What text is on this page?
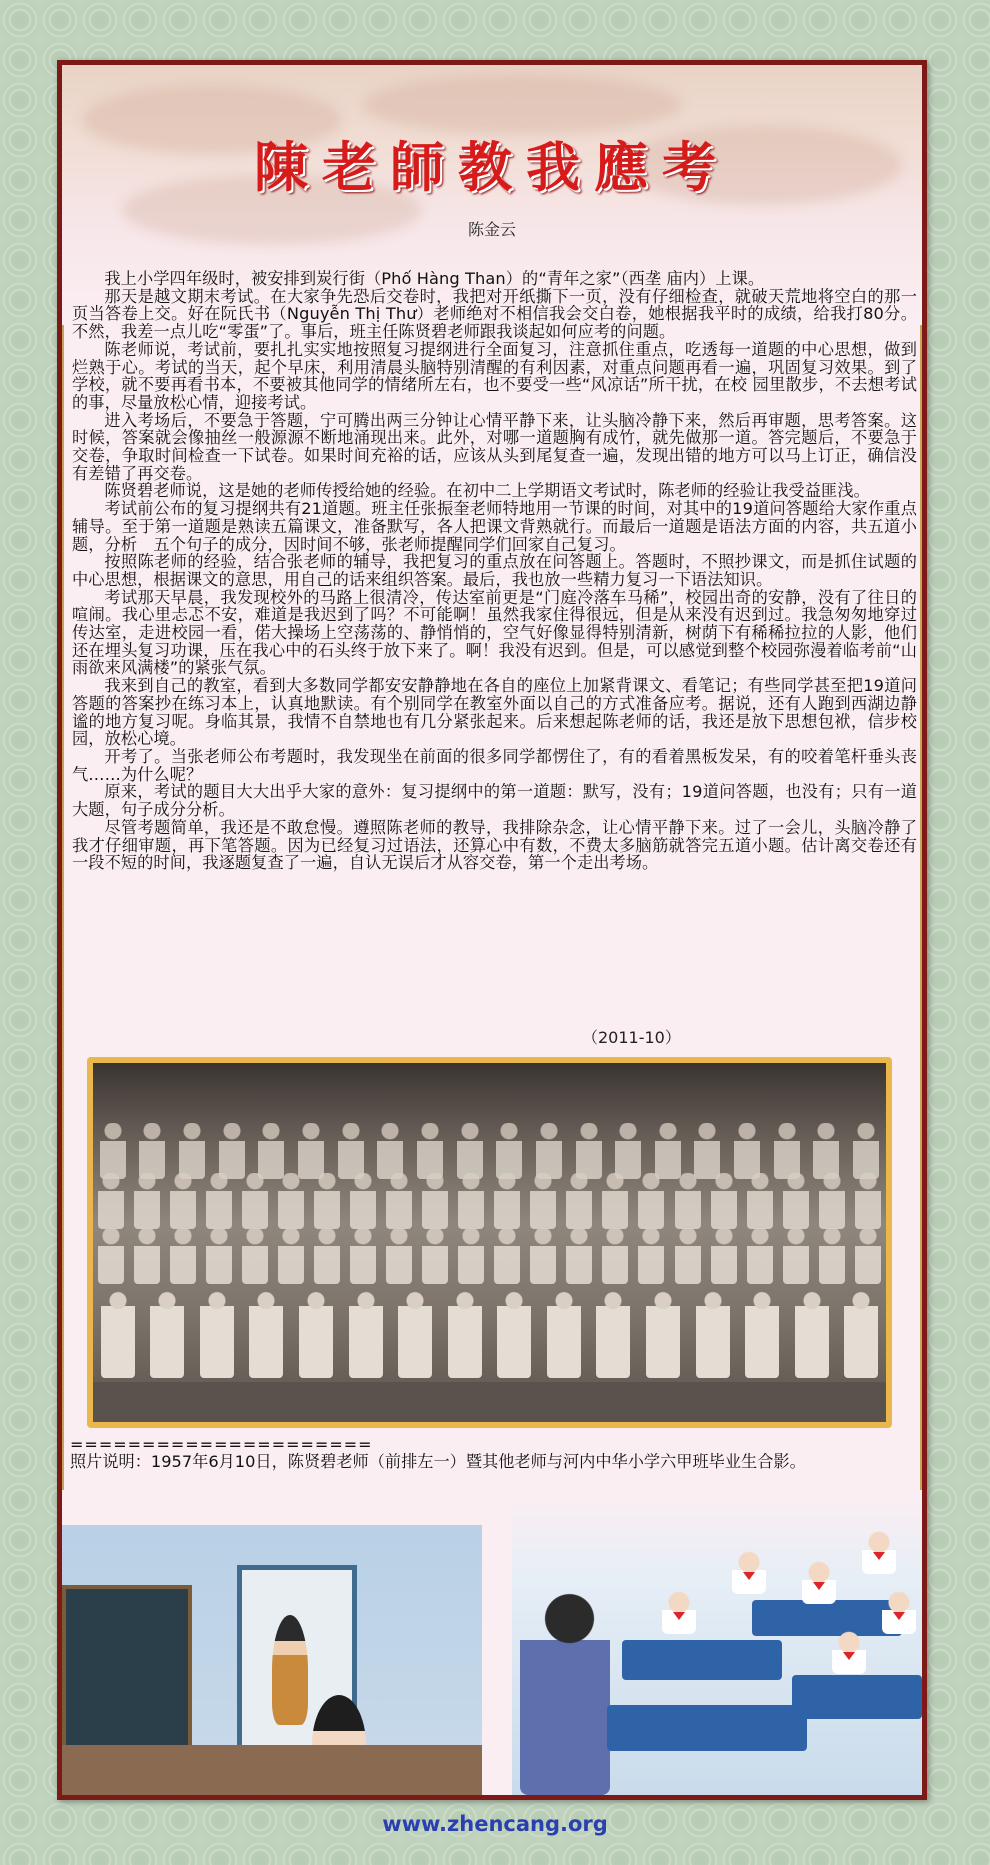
陳老師教我應考
陈金云

我上小学四年级时，被安排到炭行街（Phố Hàng Than）的“青年之家”（西垄 庙内）上课。

那天是越文期末考试。在大家争先恐后交卷时，我把对开纸撕下一页，没有仔细检查，就破天荒地将空白的那一页当答卷上交。好在阮氏书（Nguyễn Thị Thư）老师绝对不相信我会交白卷，她根据我平时的成绩，给我打80分。不然，我差一点儿吃“零蛋”了。事后，班主任陈贤碧老师跟我谈起如何应考的问题。

陈老师说，考试前，要扎扎实实地按照复习提纲进行全面复习，注意抓住重点，吃透每一道题的中心思想，做到烂熟于心。考试的当天，起个早床，利用清晨头脑特别清醒的有利因素，对重点问题再看一遍，巩固复习效果。到了学校，就不要再看书本，不要被其他同学的情绪所左右，也不要受一些“风凉话”所干扰，在校 园里散步，不去想考试的事，尽量放松心情，迎接考试。

进入考场后，不要急于答题，宁可腾出两三分钟让心情平静下来，让头脑冷静下来，然后再审题，思考答案。这时候，答案就会像抽丝一般源源不断地涌现出来。此外，对哪一道题胸有成竹，就先做那一道。答完题后，不要急于交卷，争取时间检查一下试卷。如果时间充裕的话，应该从头到尾复查一遍，发现出错的地方可以马上订正，确信没有差错了再交卷。

陈贤碧老师说，这是她的老师传授给她的经验。在初中二上学期语文考试时，陈老师的经验让我受益匪浅。

考试前公布的复习提纲共有21道题。班主任张振奎老师特地用一节课的时间，对其中的19道问答题给大家作重点辅导。至于第一道题是熟读五篇课文，准备默写，各人把课文背熟就行。而最后一道题是语法方面的内容，共五道小题，分析　五个句子的成分，因时间不够，张老师提醒同学们回家自己复习。

按照陈老师的经验，结合张老师的辅导，我把复习的重点放在问答题上。答题时，不照抄课文，而是抓住试题的中心思想，根据课文的意思，用自己的话来组织答案。最后，我也放一些精力复习一下语法知识。

考试那天早晨，我发现校外的马路上很清冷，传达室前更是“门庭冷落车马稀”，校园出奇的安静，没有了往日的喧闹。我心里忐忑不安，难道是我迟到了吗？不可能啊！虽然我家住得很远，但是从来没有迟到过。我急匆匆地穿过传达室，走进校园一看，偌大操场上空荡荡的、静悄悄的，空气好像显得特别清新，树荫下有稀稀拉拉的人影，他们还在埋头复习功课，压在我心中的石头终于放下来了。啊！我没有迟到。但是，可以感觉到整个校园弥漫着临考前“山雨欲来风满楼”的紧张气氛。

我来到自己的教室，看到大多数同学都安安静静地在各自的座位上加紧背课文、看笔记；有些同学甚至把19道问答题的答案抄在练习本上，认真地默读。有个别同学在教室外面以自己的方式准备应考。据说，还有人跑到西湖边静谧的地方复习呢。身临其景，我情不自禁地也有几分紧张起来。后来想起陈老师的话，我还是放下思想包袱，信步校园，放松心境。

开考了。当张老师公布考题时，我发现坐在前面的很多同学都愣住了，有的看着黑板发呆，有的咬着笔杆垂头丧气……为什么呢？

原来，考试的题目大大出乎大家的意外：复习提纲中的第一道题：默写，没有；19道问答题，也没有；只有一道大题，句子成分分析。

尽管考题简单，我还是不敢怠慢。遵照陈老师的教导，我排除杂念，让心情平静下来。过了一会儿，头脑冷静了我才仔细审题，再下笔答题。因为已经复习过语法，还算心中有数，不费太多脑筋就答完五道小题。估计离交卷还有一段不短的时间，我逐题复查了一遍，自认无误后才从容交卷，第一个走出考场。

（2011-10）
=====================
照片说明：1957年6月10日，陈贤碧老师（前排左一）暨其他老师与河内中华小学六甲班毕业生合影。
www.zhencang.org
